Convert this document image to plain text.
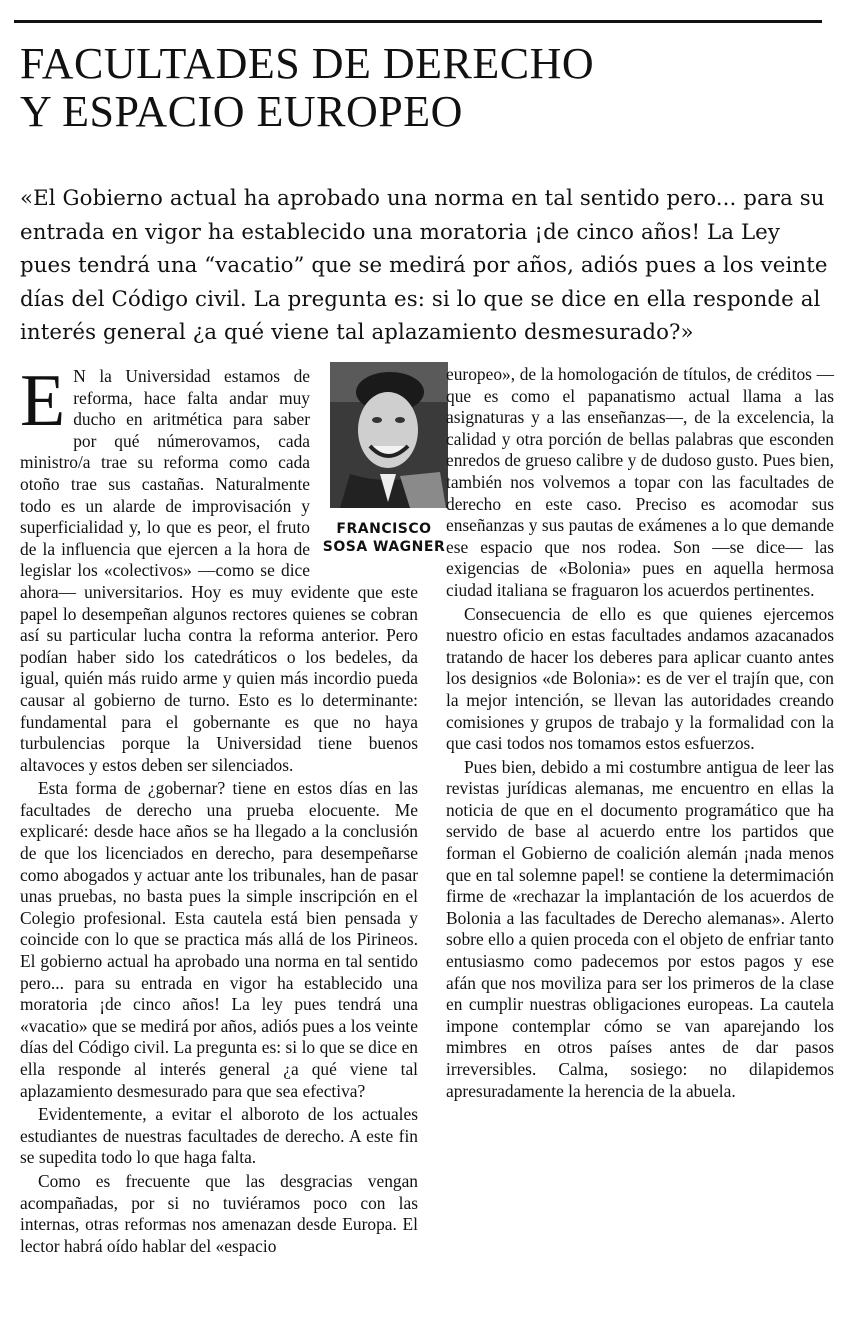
FACULTADES DE DERECHO
Y ESPACIO EUROPEO

«El Gobierno actual ha aprobado una norma en tal sentido pero... para su entrada en vigor ha establecido una moratoria ¡de cinco años! La Ley pues tendrá una “vacatio” que se medirá por años, adiós pues a los veinte días del Código civil. La pregunta es: si lo que se dice en ella responde al interés general ¿a qué viene tal aplazamiento desmesurado?»

FRANCISCO
SOSA WAGNER

E N la Universidad estamos de reforma, hace falta andar muy ducho en aritmética para saber por qué númerovamos, cada ministro/a trae su reforma como cada otoño trae sus castañas. Naturalmente todo es un alarde de improvisación y superficialidad y, lo que es peor, el fruto de la influencia que ejercen a la hora de legislar los «colectivos» —como se dice ahora— universitarios. Hoy es muy evidente que este papel lo desempeñan algunos rectores quienes se cobran así su particular lucha contra la reforma anterior. Pero podían haber sido los catedráticos o los bedeles, da igual, quién más ruido arme y quien más incordio pueda causar al gobierno de turno. Esto es lo determinante: fundamental para el gobernante es que no haya turbulencias porque la Universidad tiene buenos altavoces y estos deben ser silenciados.

Esta forma de ¿gobernar? tiene en estos días en las facultades de derecho una prueba elocuente. Me explicaré: desde hace años se ha llegado a la conclusión de que los licenciados en derecho, para desempeñarse como abogados y actuar ante los tribunales, han de pasar unas pruebas, no basta pues la simple inscripción en el Colegio profesional. Esta cautela está bien pensada y coincide con lo que se practica más allá de los Pirineos. El gobierno actual ha aprobado una norma en tal sentido pero... para su entrada en vigor ha establecido una moratoria ¡de cinco años! La ley pues tendrá una «vacatio» que se medirá por años, adiós pues a los veinte días del Código civil. La pregunta es: si lo que se dice en ella responde al interés general ¿a qué viene tal aplazamiento desmesurado para que sea efectiva?

Evidentemente, a evitar el alboroto de los actuales estudiantes de nuestras facultades de derecho. A este fin se supedita todo lo que haga falta.

Como es frecuente que las desgracias vengan acompañadas, por si no tuviéramos poco con las internas, otras reformas nos amenazan desde Europa. El lector habrá oído hablar del «espacio

europeo», de la homologación de títulos, de créditos —que es como el papanatismo actual llama a las asignaturas y a las enseñanzas—, de la excelencia, la calidad y otra porción de bellas palabras que esconden enredos de grueso calibre y de dudoso gusto. Pues bien, también nos volvemos a topar con las facultades de derecho en este caso. Preciso es acomodar sus enseñanzas y sus pautas de exámenes a lo que demande ese espacio que nos rodea. Son —se dice— las exigencias de «Bolonia» pues en aquella hermosa ciudad italiana se fraguaron los acuerdos pertinentes.

Consecuencia de ello es que quienes ejercemos nuestro oficio en estas facultades andamos azacanados tratando de hacer los deberes para aplicar cuanto antes los designios «de Bolonia»: es de ver el trajín que, con la mejor intención, se llevan las autoridades creando comisiones y grupos de trabajo y la formalidad con la que casi todos nos tomamos estos esfuerzos.

Pues bien, debido a mi costumbre antigua de leer las revistas jurídicas alemanas, me encuentro en ellas la noticia de que en el documento programático que ha servido de base al acuerdo entre los partidos que forman el Gobierno de coalición alemán ¡nada menos que en tal solemne papel! se contiene la determimación firme de «rechazar la implantación de los acuerdos de Bolonia a las facultades de Derecho alemanas». Alerto sobre ello a quien proceda con el objeto de enfriar tanto entusiasmo como padecemos por estos pagos y ese afán que nos moviliza para ser los primeros de la clase en cumplir nuestras obligaciones europeas. La cautela impone contemplar cómo se van aparejando los mimbres en otros países antes de dar pasos irreversibles. Calma, sosiego: no dilapidemos apresuradamente la herencia de la abuela.
